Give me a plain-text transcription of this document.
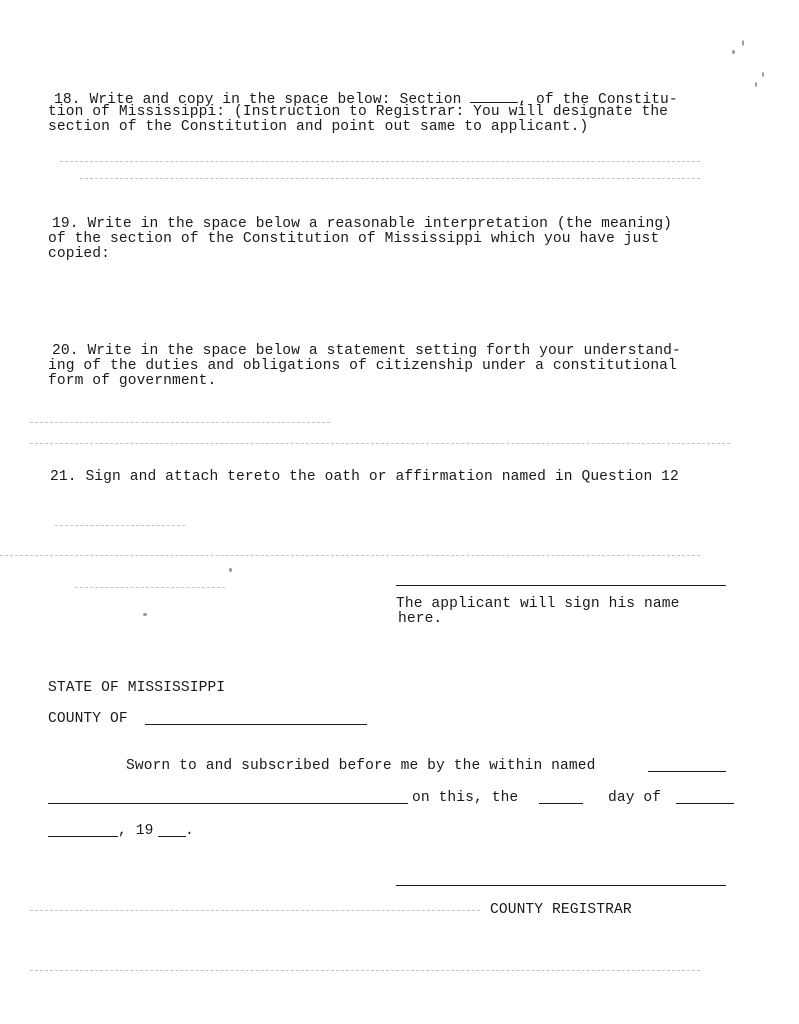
18. Write and copy in the space below: Section	, of the Constitu-
tion of Mississippi: (Instruction to Registrar: You will designate the
section of the Constitution and point out same to applicant.)
19. Write in the space below a reasonable interpretation (the meaning)
of the section of the Constitution of Mississippi which you have just
copied:
20. Write in the space below a statement setting forth your understand-
ing of the duties and obligations of citizenship under a constitutional
form of government.
21. Sign and attach tereto the oath or affirmation named in Question 12
The applicant will sign his name
here.
STATE OF MISSISSIPPI
COUNTY OF
Sworn to and subscribed before me by the within named
on this, the	day of
, 19 .
COUNTY REGISTRAR
